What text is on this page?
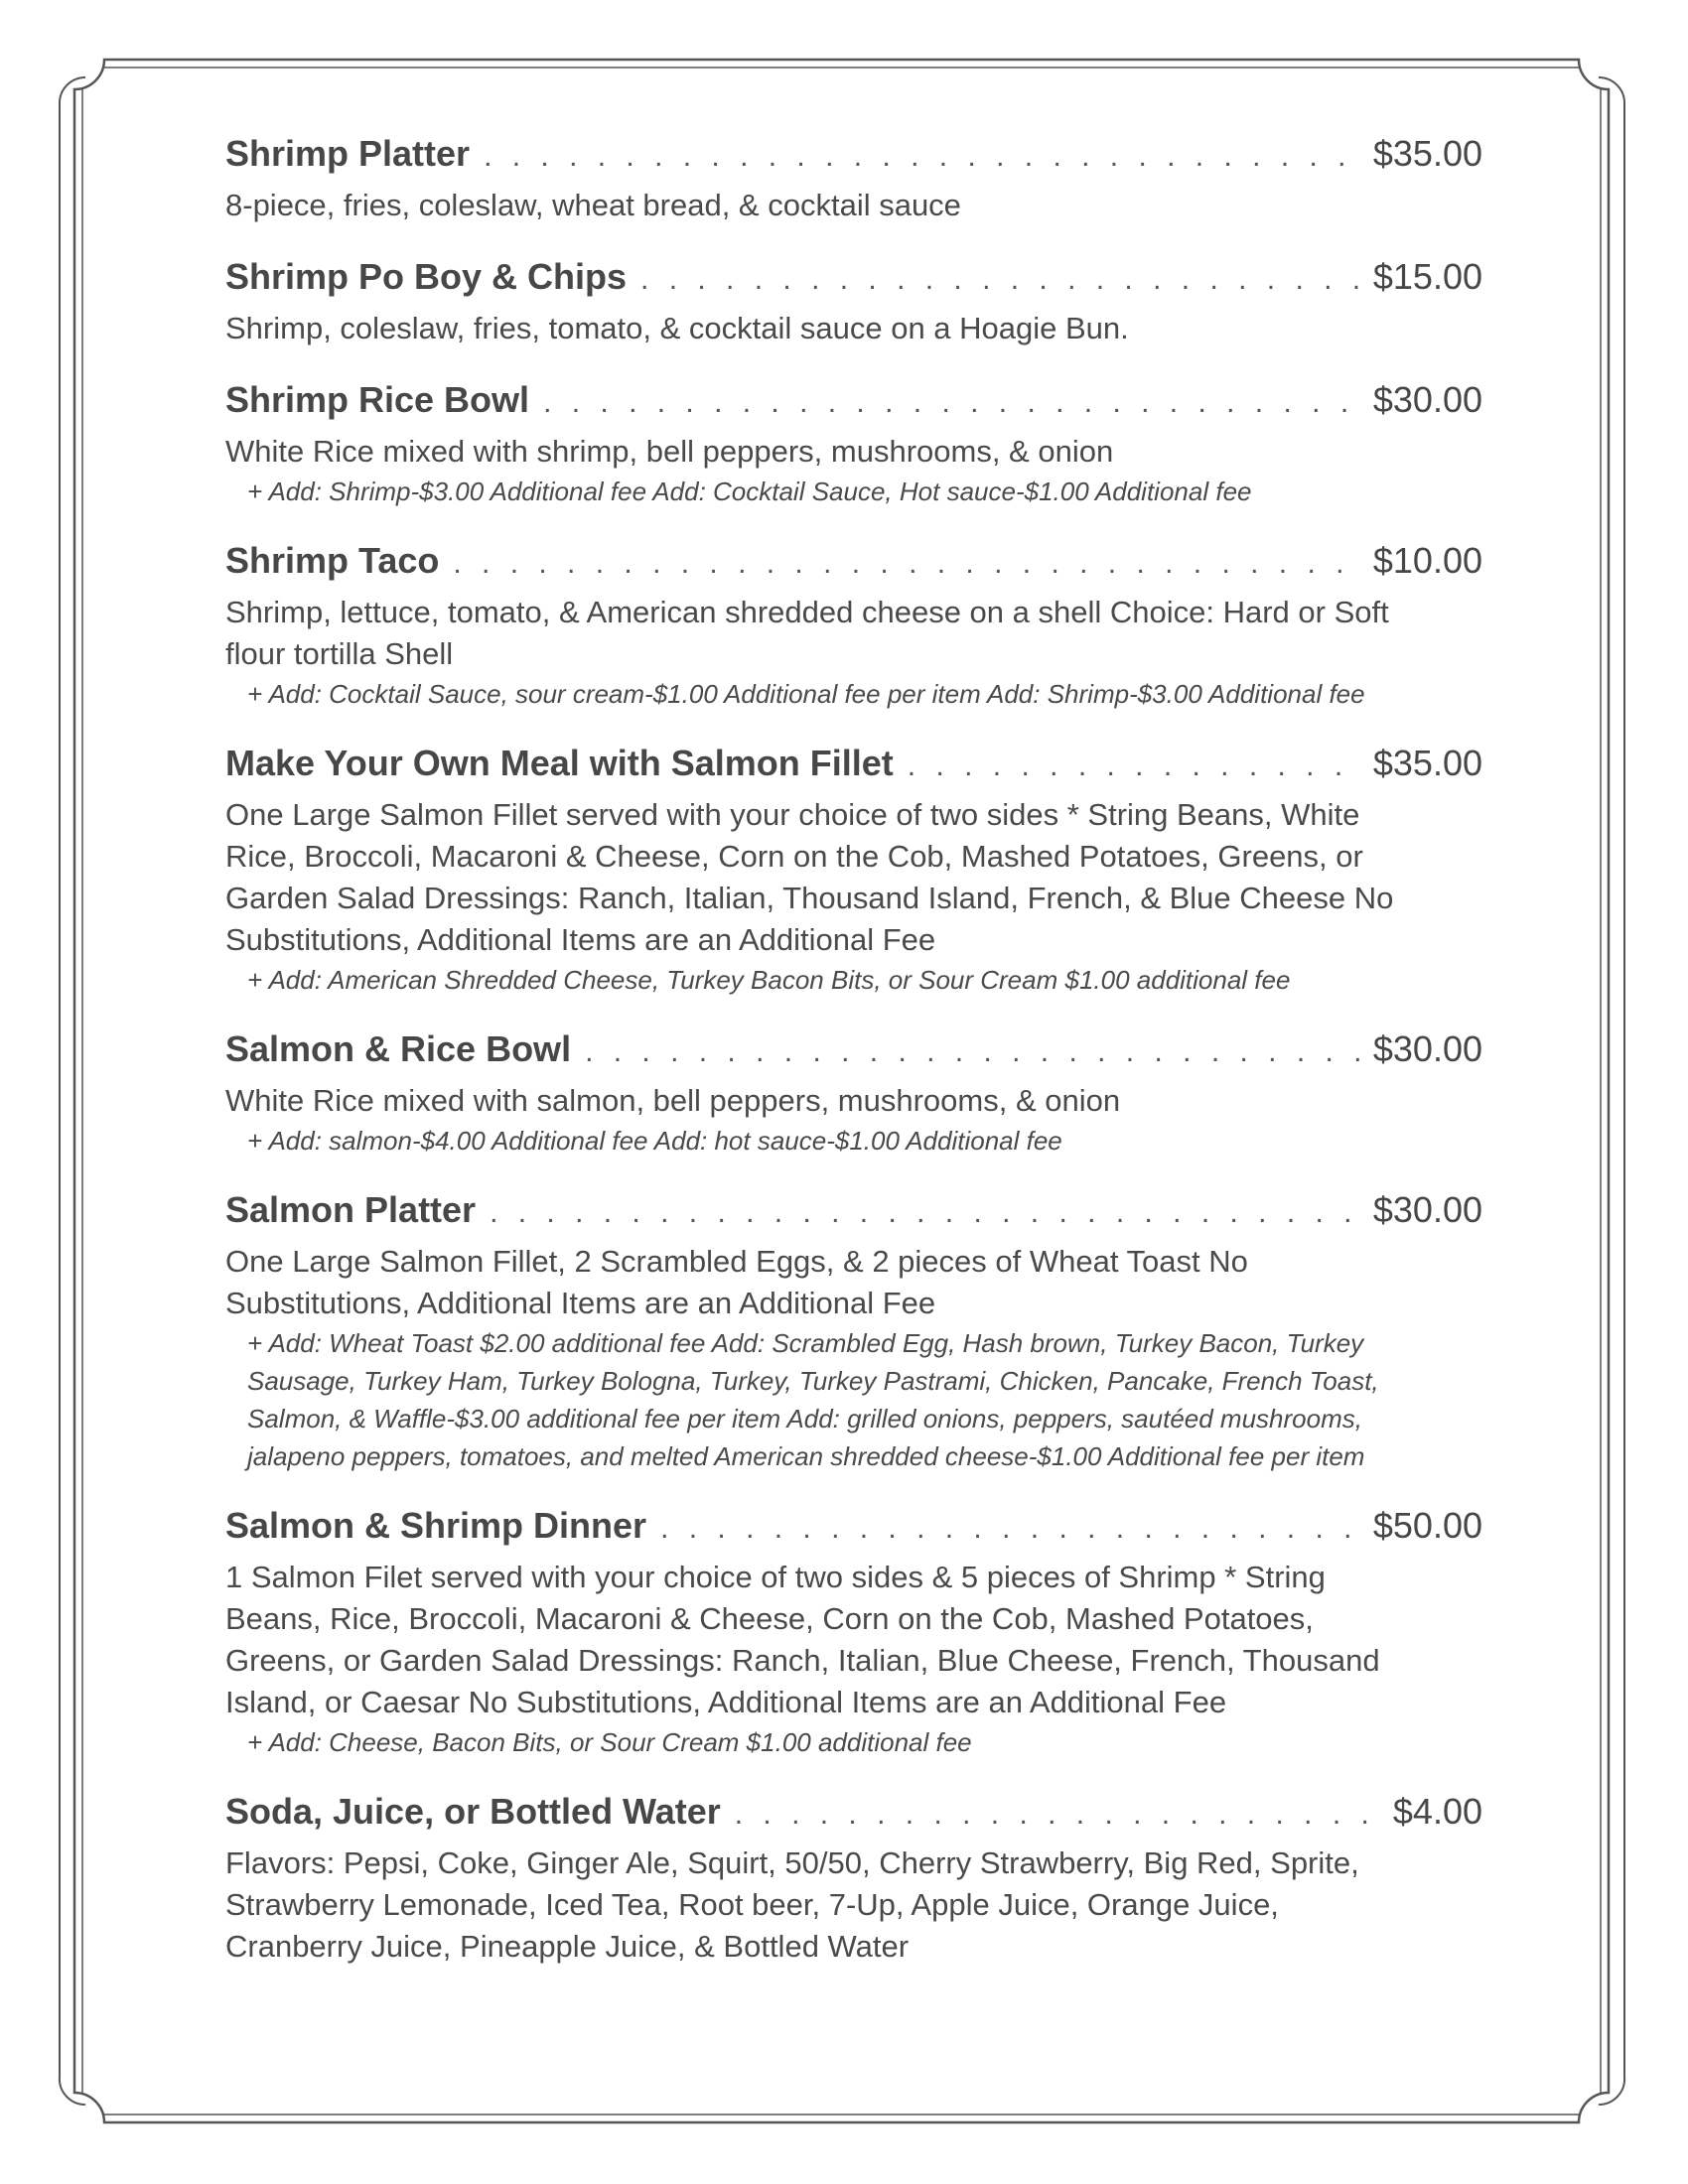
Shrimp Platter . . .	$35.00
8-piece, fries, coleslaw, wheat bread, & cocktail sauce
Shrimp Po Boy & Chips . . .	$15.00
Shrimp, coleslaw, fries, tomato, & cocktail sauce on a Hoagie Bun.
Shrimp Rice Bowl . . .	$30.00
White Rice mixed with shrimp, bell peppers, mushrooms, & onion
+ Add: Shrimp-$3.00 Additional fee Add: Cocktail Sauce, Hot sauce-$1.00 Additional fee
Shrimp Taco . . .	$10.00
Shrimp, lettuce, tomato, & American shredded cheese on a shell Choice: Hard or Soft flour tortilla Shell
+ Add: Cocktail Sauce, sour cream-$1.00 Additional fee per item Add: Shrimp-$3.00 Additional fee
Make Your Own Meal with Salmon Fillet . . .	$35.00
One Large Salmon Fillet served with your choice of two sides * String Beans, White Rice, Broccoli, Macaroni & Cheese, Corn on the Cob, Mashed Potatoes, Greens, or Garden Salad Dressings: Ranch, Italian, Thousand Island, French, & Blue Cheese No Substitutions, Additional Items are an Additional Fee
+ Add: American Shredded Cheese, Turkey Bacon Bits, or Sour Cream $1.00 additional fee
Salmon & Rice Bowl . . .	$30.00
White Rice mixed with salmon, bell peppers, mushrooms, & onion
+ Add: salmon-$4.00 Additional fee Add: hot sauce-$1.00 Additional fee
Salmon Platter . . .	$30.00
One Large Salmon Fillet, 2 Scrambled Eggs, & 2 pieces of Wheat Toast No Substitutions, Additional Items are an Additional Fee
+ Add: Wheat Toast $2.00 additional fee Add: Scrambled Egg, Hash brown, Turkey Bacon, Turkey Sausage, Turkey Ham, Turkey Bologna, Turkey, Turkey Pastrami, Chicken, Pancake, French Toast, Salmon, & Waffle-$3.00 additional fee per item Add: grilled onions, peppers, sautéed mushrooms, jalapeno peppers, tomatoes, and melted American shredded cheese-$1.00 Additional fee per item
Salmon & Shrimp Dinner . . .	$50.00
1 Salmon Filet served with your choice of two sides & 5 pieces of Shrimp * String Beans, Rice, Broccoli, Macaroni & Cheese, Corn on the Cob, Mashed Potatoes, Greens, or Garden Salad Dressings: Ranch, Italian, Blue Cheese, French, Thousand Island, or Caesar No Substitutions, Additional Items are an Additional Fee
+ Add: Cheese, Bacon Bits, or Sour Cream $1.00 additional fee
Soda, Juice, or Bottled Water . . .	$4.00
Flavors: Pepsi, Coke, Ginger Ale, Squirt, 50/50, Cherry Strawberry, Big Red, Sprite, Strawberry Lemonade, Iced Tea, Root beer, 7-Up, Apple Juice, Orange Juice, Cranberry Juice, Pineapple Juice, & Bottled Water
